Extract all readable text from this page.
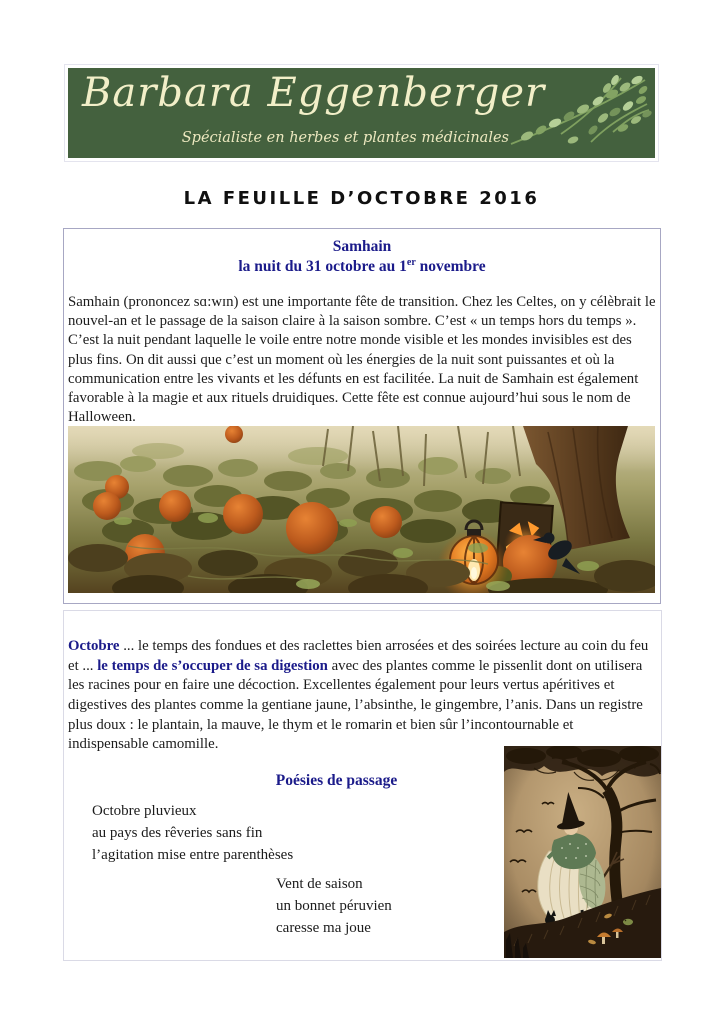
Barbara Eggenberger
Spécialiste en herbes et plantes médicinales
LA FEUILLE D’OCTOBRE 2016
Samhain
la nuit du 31 octobre au 1er novembre
Samhain (prononcez sɑ:wɪn) est une importante fête de transition. Chez les Celtes, on y célèbrait le nouvel-an et le passage de la saison claire à la saison sombre. C’est « un temps hors du temps ». C’est la nuit pendant laquelle le voile entre notre monde visible et les mondes invisibles est des plus fins. On dit aussi que c’est un moment où les énergies de la nuit sont puissantes et où la communication entre les vivants et les défunts en est facilitée. La nuit de Samhain est également favorable à la magie et aux rituels druidiques. Cette fête est connue aujourd’hui sous le nom de Halloween.
Octobre ... le temps des fondues et des raclettes bien arrosées et des soirées lecture au coin du feu et ... le temps de s’occuper de sa digestion avec des plantes comme le pissenlit dont on utilisera les racines pour en faire une décoction. Excellentes également pour leurs vertus apéritives et digestives des plantes comme la gentiane jaune, l’absinthe, le gingembre, l’anis. Dans un registre plus doux : le plantain, la mauve, le thym et le romarin et bien sûr l’incontournable et indispensable camomille.
Poésies de passage
Octobre pluvieux
au pays des rêveries sans fin
l’agitation mise entre parenthèses
Vent de saison
un bonnet péruvien
caresse ma joue
